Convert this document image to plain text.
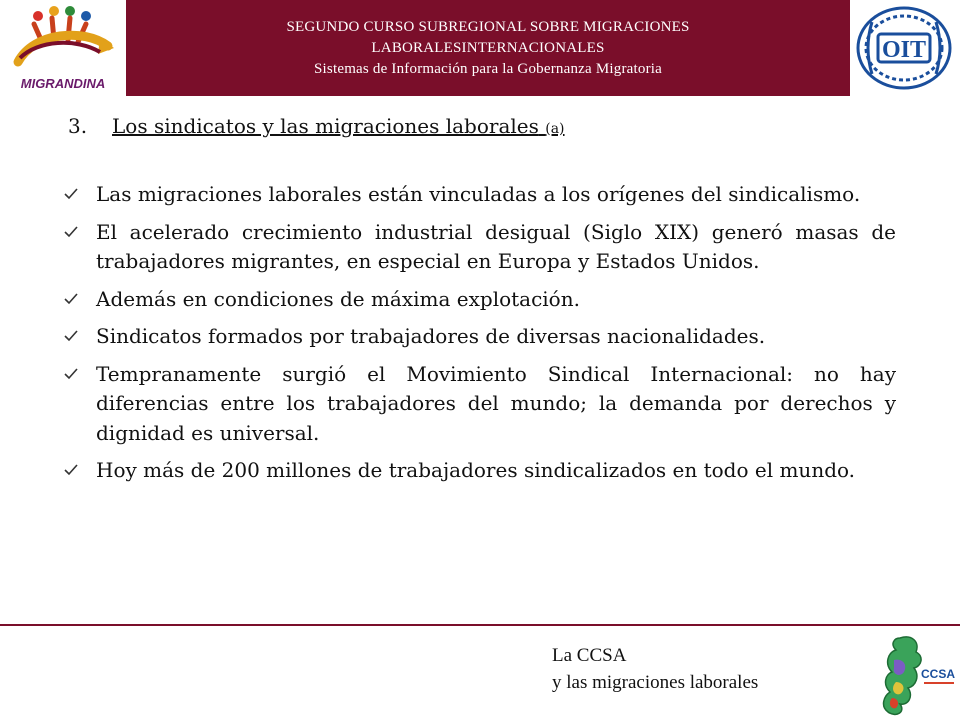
MIGRANDINA
SEGUNDO CURSO SUBREGIONAL SOBRE MIGRACIONES
LABORALESINTERNACIONALES
Sistemas de Información para la Gobernanza Migratoria
OIT
3. Los sindicatos y las migraciones laborales (a)
Las migraciones laborales están vinculadas a los orígenes del sindicalismo.
El acelerado crecimiento industrial desigual (Siglo XIX) generó masas de trabajadores migrantes, en especial en Europa y Estados Unidos.
Además en condiciones de máxima explotación.
Sindicatos formados por trabajadores de diversas nacionalidades.
Tempranamente surgió el Movimiento Sindical Internacional: no hay diferencias entre los trabajadores del mundo; la demanda por derechos y dignidad es universal.
Hoy más de 200 millones de trabajadores sindicalizados en todo el mundo.
La CCSA
y las migraciones laborales	CCSA
